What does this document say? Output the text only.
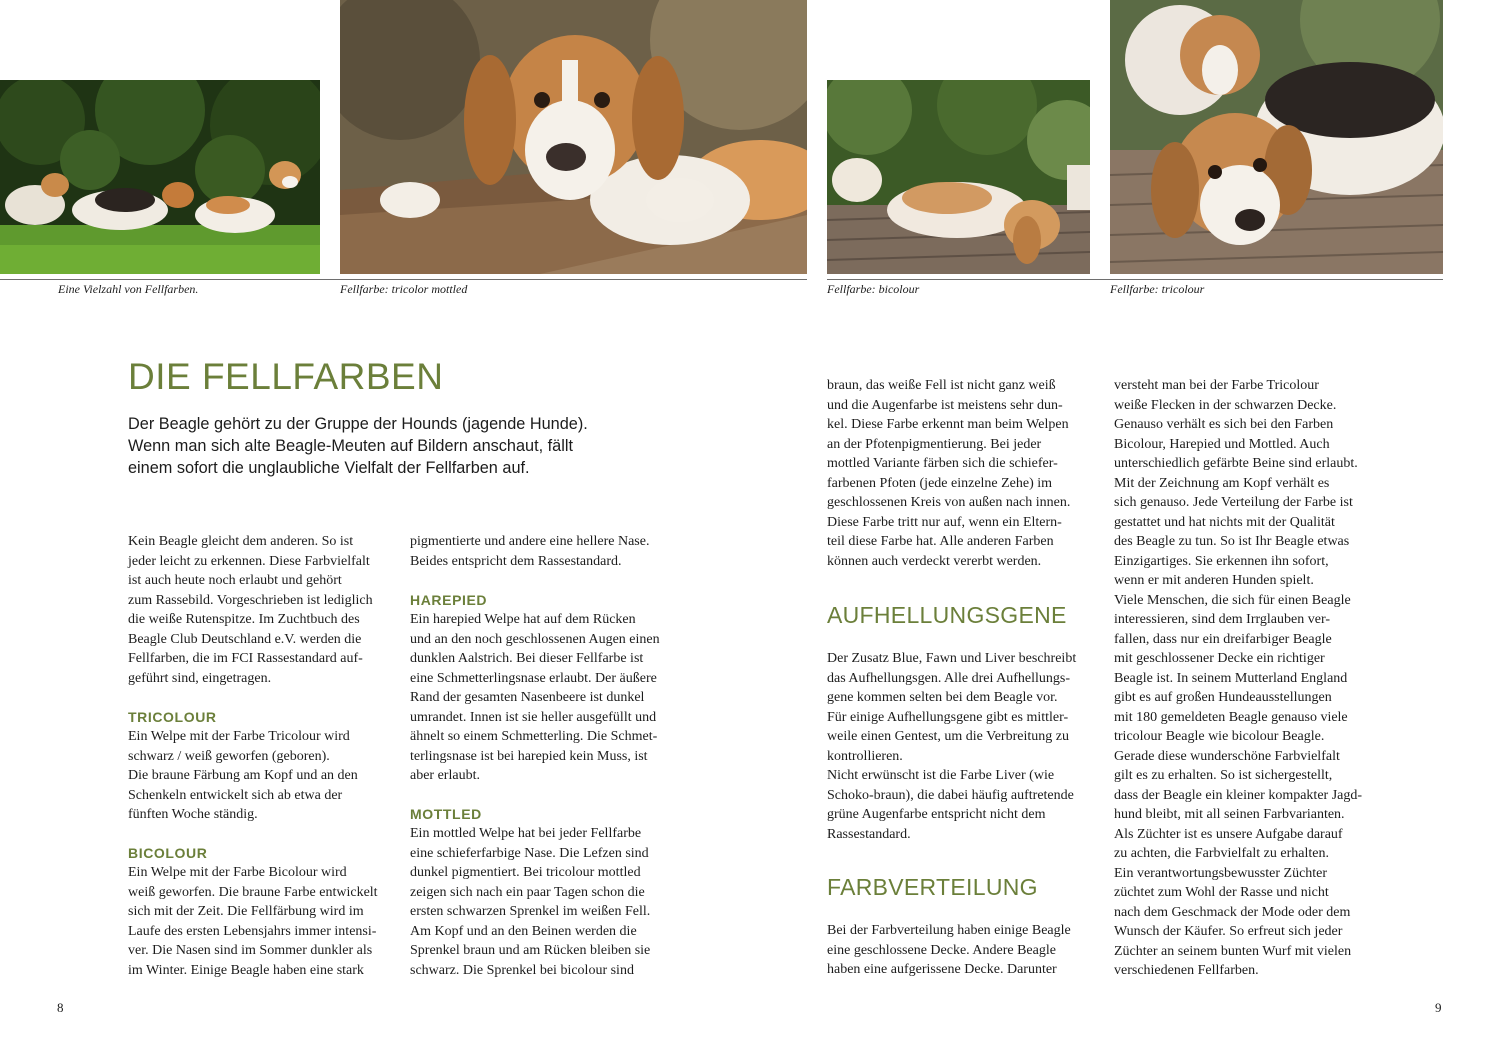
Eine Vielzahl von Fellfarben.	Fellfarbe: tricolor mottled	Fellfarbe: bicolour	Fellfarbe: tricolour
DIE FELLFARBEN
Der Beagle gehört zu der Gruppe der Hounds (jagende Hunde).
Wenn man sich alte Beagle-Meuten auf Bildern anschaut, fällt
einem sofort die unglaubliche Vielfalt der Fellfarben auf.
Kein Beagle gleicht dem anderen. So ist
jeder leicht zu erkennen. Diese Farbvielfalt
ist auch heute noch erlaubt und gehört
zum Rassebild. Vorgeschrieben ist lediglich
die weiße Rutenspitze. Im Zuchtbuch des
Beagle Club Deutschland e.V. werden die
Fellfarben, die im FCI Rassestandard auf-
geführt sind, eingetragen.
TRICOLOUR
Ein Welpe mit der Farbe Tricolour wird
schwarz / weiß geworfen (geboren).
Die braune Färbung am Kopf und an den
Schenkeln entwickelt sich ab etwa der
fünften Woche ständig.
BICOLOUR
Ein Welpe mit der Farbe Bicolour wird
weiß geworfen. Die braune Farbe entwickelt
sich mit der Zeit. Die Fellfärbung wird im
Laufe des ersten Lebensjahrs immer intensi-
ver. Die Nasen sind im Sommer dunkler als
im Winter. Einige Beagle haben eine stark
pigmentierte und andere eine hellere Nase.
Beides entspricht dem Rassestandard.
HAREPIED
Ein harepied Welpe hat auf dem Rücken
und an den noch geschlossenen Augen einen
dunklen Aalstrich. Bei dieser Fellfarbe ist
eine Schmetterlingsnase erlaubt. Der äußere
Rand der gesamten Nasenbeere ist dunkel
umrandet. Innen ist sie heller ausgefüllt und
ähnelt so einem Schmetterling. Die Schmet-
terlingsnase ist bei harepied kein Muss, ist
aber erlaubt.
MOTTLED
Ein mottled Welpe hat bei jeder Fellfarbe
eine schieferfarbige Nase. Die Lefzen sind
dunkel pigmentiert. Bei tricolour mottled
zeigen sich nach ein paar Tagen schon die
ersten schwarzen Sprenkel im weißen Fell.
Am Kopf und an den Beinen werden die
Sprenkel braun und am Rücken bleiben sie
schwarz. Die Sprenkel bei bicolour sind
8
braun, das weiße Fell ist nicht ganz weiß
und die Augenfarbe ist meistens sehr dun-
kel. Diese Farbe erkennt man beim Welpen
an der Pfotenpigmentierung. Bei jeder
mottled Variante färben sich die schiefer-
farbenen Pfoten (jede einzelne Zehe) im
geschlossenen Kreis von außen nach innen.
Diese Farbe tritt nur auf, wenn ein Eltern-
teil diese Farbe hat. Alle anderen Farben
können auch verdeckt vererbt werden.
AUFHELLUNGSGENE
Der Zusatz Blue, Fawn und Liver beschreibt
das Aufhellungsgen. Alle drei Aufhellungs-
gene kommen selten bei dem Beagle vor.
Für einige Aufhellungsgene gibt es mittler-
weile einen Gentest, um die Verbreitung zu
kontrollieren.
Nicht erwünscht ist die Farbe Liver (wie
Schoko-braun), die dabei häufig auftretende
grüne Augenfarbe entspricht nicht dem
Rassestandard.
FARBVERTEILUNG
Bei der Farbverteilung haben einige Beagle
eine geschlossene Decke. Andere Beagle
haben eine aufgerissene Decke. Darunter
versteht man bei der Farbe Tricolour
weiße Flecken in der schwarzen Decke.
Genauso verhält es sich bei den Farben
Bicolour, Harepied und Mottled. Auch
unterschiedlich gefärbte Beine sind erlaubt.
Mit der Zeichnung am Kopf verhält es
sich genauso. Jede Verteilung der Farbe ist
gestattet und hat nichts mit der Qualität
des Beagle zu tun. So ist Ihr Beagle etwas
Einzigartiges. Sie erkennen ihn sofort,
wenn er mit anderen Hunden spielt.
Viele Menschen, die sich für einen Beagle
interessieren, sind dem Irrglauben ver-
fallen, dass nur ein dreifarbiger Beagle
mit geschlossener Decke ein richtiger
Beagle ist. In seinem Mutterland England
gibt es auf großen Hundeausstellungen
mit 180 gemeldeten Beagle genauso viele
tricolour Beagle wie bicolour Beagle.
Gerade diese wunderschöne Farbvielfalt
gilt es zu erhalten. So ist sichergestellt,
dass der Beagle ein kleiner kompakter Jagd-
hund bleibt, mit all seinen Farbvarianten.
Als Züchter ist es unsere Aufgabe darauf
zu achten, die Farbvielfalt zu erhalten.
Ein verantwortungsbewusster Züchter
züchtet zum Wohl der Rasse und nicht
nach dem Geschmack der Mode oder dem
Wunsch der Käufer. So erfreut sich jeder
Züchter an seinem bunten Wurf mit vielen
verschiedenen Fellfarben.
9
